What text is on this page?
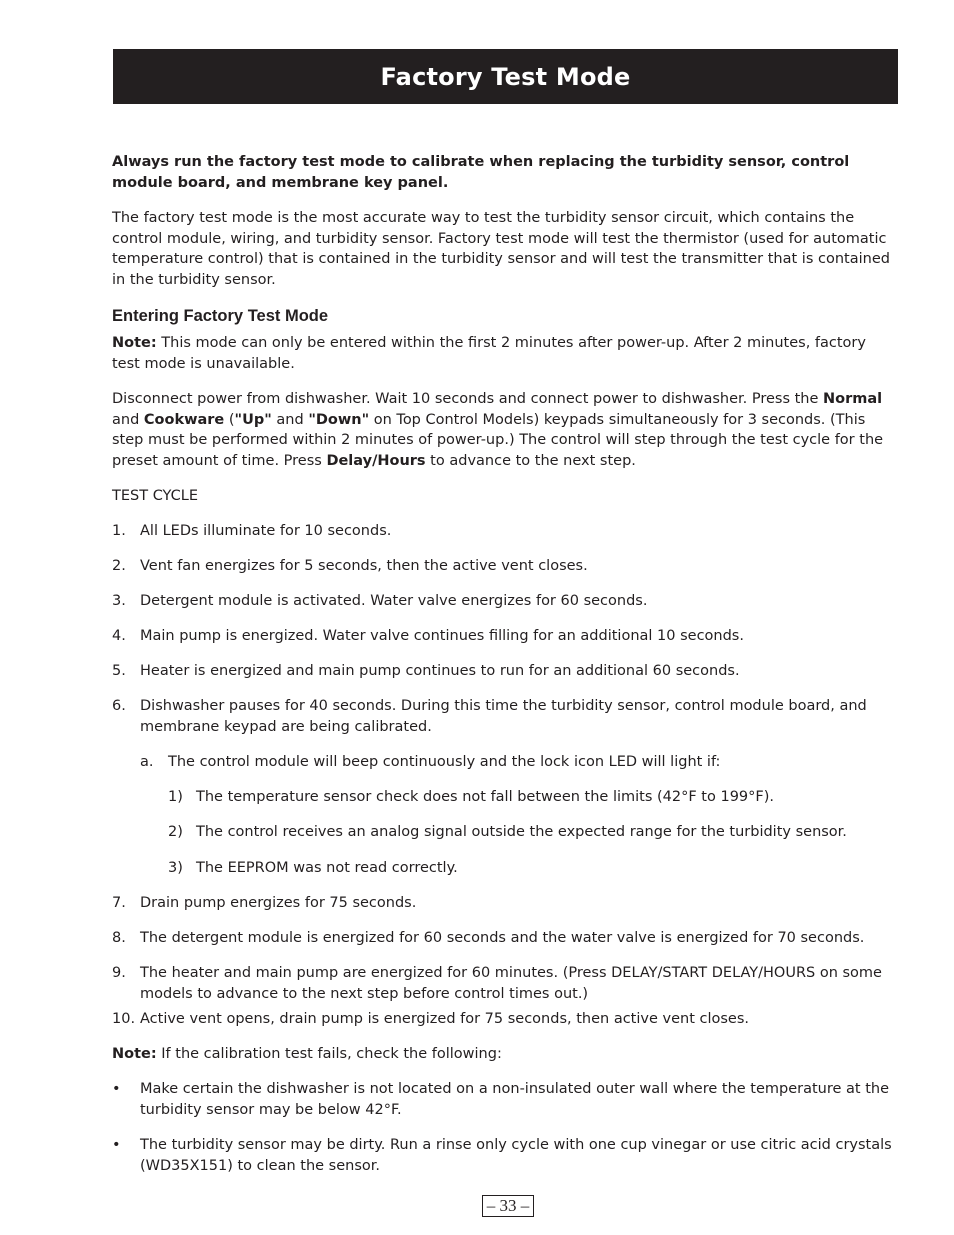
Factory Test Mode

Always run the factory test mode to calibrate when replacing the turbidity sensor, control module board, and membrane key panel.

The factory test mode is the most accurate way to test the turbidity sensor circuit, which contains the control module, wiring, and turbidity sensor. Factory test mode will test the thermistor (used for automatic temperature control) that is contained in the turbidity sensor and will test the transmitter that is contained in the turbidity sensor.

Entering Factory Test Mode

Note: This mode can only be entered within the first 2 minutes after power-up. After 2 minutes, factory test mode is unavailable.

Disconnect power from dishwasher. Wait 10 seconds and connect power to dishwasher. Press the Normal and Cookware ("Up" and "Down" on Top Control Models) keypads simultaneously for 3 seconds. (This step must be performed within 2 minutes of power-up.) The control will step through the test cycle for the preset amount of time. Press Delay/Hours to advance to the next step.

TEST CYCLE

1. All LEDs illuminate for 10 seconds.
2. Vent fan energizes for 5 seconds, then the active vent closes.
3. Detergent module is activated. Water valve energizes for 60 seconds.
4. Main pump is energized. Water valve continues filling for an additional 10 seconds.
5. Heater is energized and main pump continues to run for an additional 60 seconds.
6. Dishwasher pauses for 40 seconds. During this time the turbidity sensor, control module board, and membrane keypad are being calibrated.
a. The control module will beep continuously and the lock icon LED will light if:
1) The temperature sensor check does not fall between the limits (42°F to 199°F).
2) The control receives an analog signal outside the expected range for the turbidity sensor.
3) The EEPROM was not read correctly.
7. Drain pump energizes for 75 seconds.
8. The detergent module is energized for 60 seconds and the water valve is energized for 70 seconds.
9. The heater and main pump are energized for 60 minutes. (Press DELAY/START DELAY/HOURS on some models to advance to the next step before control times out.)
10. Active vent opens, drain pump is energized for 75 seconds, then active vent closes.

Note: If the calibration test fails, check the following:

• Make certain the dishwasher is not located on a non-insulated outer wall where the temperature at the turbidity sensor may be below 42°F.
• The turbidity sensor may be dirty. Run a rinse only cycle with one cup vinegar or use citric acid crystals (WD35X151) to clean the sensor.
– 33 –
